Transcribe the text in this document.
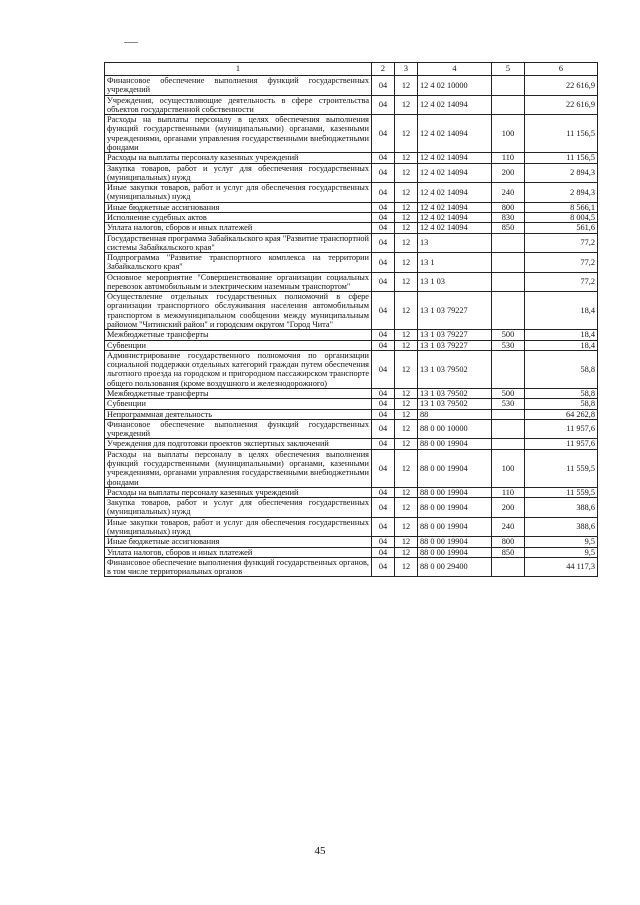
1	2	3	4	5	6
Финансовое обеспечение выполнения функций государственных учреждений	04	12	12 4 02 10000		22 616,9
Учреждения, осуществляющие деятельность в сфере строительства объектов государственной собственности	04	12	12 4 02 14094		22 616,9
Расходы на выплаты персоналу в целях обеспечения выполнения функций государственными (муниципальными) органами, казенными учреждениями, органами управления государственными внебюджетными фондами	04	12	12 4 02 14094	100	11 156,5
Расходы на выплаты персоналу казенных учреждений	04	12	12 4 02 14094	110	11 156,5
Закупка товаров, работ и услуг для обеспечения государственных (муниципальных) нужд	04	12	12 4 02 14094	200	2 894,3
Иные закупки товаров, работ и услуг для обеспечения государственных (муниципальных) нужд	04	12	12 4 02 14094	240	2 894,3
Иные бюджетные ассигнования	04	12	12 4 02 14094	800	8 566,1
Исполнение судебных актов	04	12	12 4 02 14094	830	8 004,5
Уплата налогов, сборов и иных платежей	04	12	12 4 02 14094	850	561,6
Государственная программа Забайкальского края "Развитие транспортной системы Забайкальского края"	04	12	13		77,2
Подпрограмма "Развитие транспортного комплекса на территории Забайкальского края"	04	12	13 1		77,2
Основное мероприятие "Совершенствование организации социальных перевозок автомобильным и электрическим наземным транспортом"	04	12	13 1 03		77,2
Осуществление отдельных государственных полномочий в сфере организации транспортного обслуживания населения автомобильным транспортом в межмуниципальном сообщении между муниципальным районом "Читинский район" и городским округом "Город Чита"	04	12	13 1 03 79227		18,4
Межбюджетные трансферты	04	12	13 1 03 79227	500	18,4
Субвенции	04	12	13 1 03 79227	530	18,4
Администрирование государственного полномочия по организации социальной поддержки отдельных категорий граждан путем обеспечения льготного проезда на городском и пригородном пассажирском транспорте общего пользования (кроме воздушного и железнодорожного)	04	12	13 1 03 79502		58,8
Межбюджетные трансферты	04	12	13 1 03 79502	500	58,8
Субвенции	04	12	13 1 03 79502	530	58,8
Непрограммная деятельность	04	12	88		64 262,8
Финансовое обеспечение выполнения функций государственных учреждений	04	12	88 0 00 10000		11 957,6
Учреждения для подготовки проектов экспертных заключений	04	12	88 0 00 19904		11 957,6
Расходы на выплаты персоналу в целях обеспечения выполнения функций государственными (муниципальными) органами, казенными учреждениями, органами управления государственными внебюджетными фондами	04	12	88 0 00 19904	100	11 559,5
Расходы на выплаты персоналу казенных учреждений	04	12	88 0 00 19904	110	11 559,5
Закупка товаров, работ и услуг для обеспечения государственных (муниципальных) нужд	04	12	88 0 00 19904	200	388,6
Иные закупки товаров, работ и услуг для обеспечения государственных (муниципальных) нужд	04	12	88 0 00 19904	240	388,6
Иные бюджетные ассигнования	04	12	88 0 00 19904	800	9,5
Уплата налогов, сборов и иных платежей	04	12	88 0 00 19904	850	9,5
Финансовое обеспечение выполнения функций государственных органов, в том числе территориальных органов	04	12	88 0 00 29400		44 117,3
45
